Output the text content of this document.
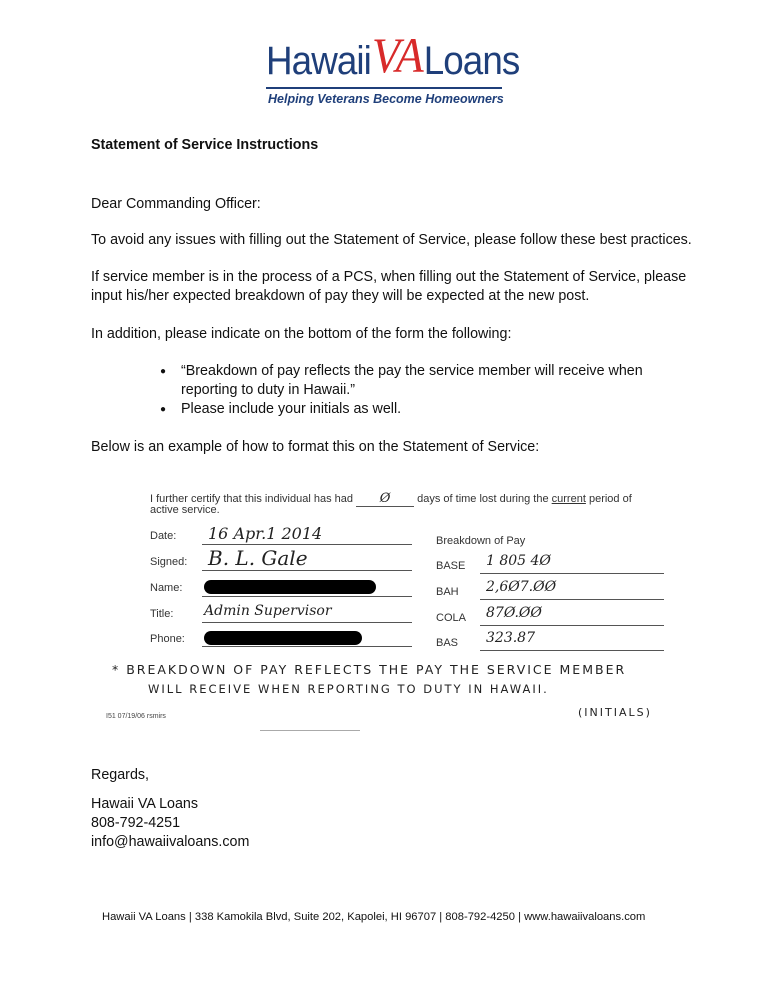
Hawaii VA Loans
Helping Veterans Become Homeowners
Statement of Service Instructions
Dear Commanding Officer:
To avoid any issues with filling out the Statement of Service, please follow these best practices.
If service member is in the process of a PCS, when filling out the Statement of Service, please
input his/her expected breakdown of pay they will be expected at the new post.
In addition, please indicate on the bottom of the form the following:
● “Breakdown of pay reflects the pay the service member will receive when
reporting to duty in Hawaii.”
● Please include your initials as well.
Below is an example of how to format this on the Statement of Service:
I further certify that this individual has had Ø days of time lost during the current period of
active service.
Date: 16 Apr.1 2014
Signed: B. L. Gale
Name:
Title: Admin Supervisor
Phone:
Breakdown of Pay
BASE 1 805 4Ø
BAH 2,6Ø7.ØØ
COLA 87Ø.ØØ
BAS 323.87
* BREAKDOWN OF PAY REFLECTS THE PAY THE SERVICE MEMBER
WILL RECEIVE WHEN REPORTING TO DUTY IN HAWAII.
(INITIALS)
I51 07/19/06 rsmirs
Regards,
Hawaii VA Loans
808-792-4251
info@hawaiivaloans.com
Hawaii VA Loans | 338 Kamokila Blvd, Suite 202, Kapolei, HI 96707 | 808-792-4250 | www.hawaiivaloans.com
